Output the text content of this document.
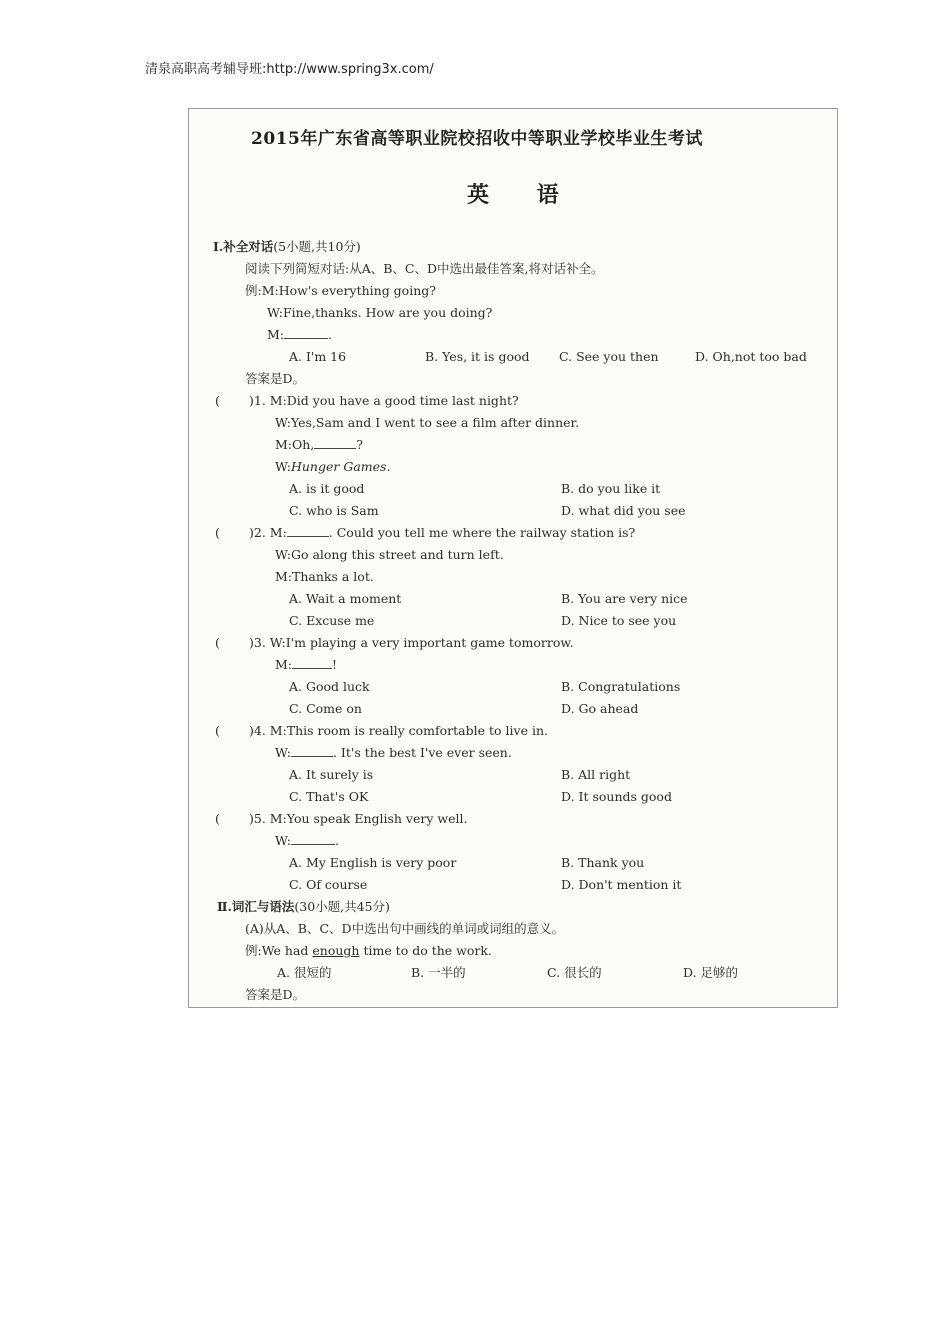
清泉高职高考辅导班:http://www.spring3x.com/
2015年广东省高等职业院校招收中等职业学校毕业生考试
英 语
Ⅰ.补全对话(5小题,共10分)
阅读下列简短对话:从A、B、C、D中选出最佳答案,将对话补全。
例:M:How's everything going?
W:Fine,thanks. How are you doing?
M:	.
A. I'm 16	B. Yes, it is good C. See you then	D. Oh,not too bad
答案是D。
( )1. M:Did you have a good time last night?
W:Yes,Sam and I went to see a film after dinner.
M:Oh,	?
W:Hunger Games.
A. is it good	B. do you like it
C. who is Sam	D. what did you see
( )2. M:	. Could you tell me where the railway station is?
W:Go along this street and turn left.
M:Thanks a lot.
A. Wait a moment	B. You are very nice
C. Excuse me	D. Nice to see you
( )3. W:I'm playing a very important game tomorrow.
M:	!
A. Good luck	B. Congratulations
C. Come on	D. Go ahead
( )4. M:This room is really comfortable to live in.
W:	. It's the best I've ever seen.
A. It surely is	B. All right
C. That's OK	D. It sounds good
( )5. M:You speak English very well.
W:	.
A. My English is very poor	B. Thank you
C. Of course	D. Don't mention it
Ⅱ.词汇与语法(30小题,共45分)
(A)从A、B、C、D中选出句中画线的单词或词组的意义。
例:We had enough time to do the work.
A. 很短的	B. 一半的	C. 很长的	D. 足够的
答案是D。
